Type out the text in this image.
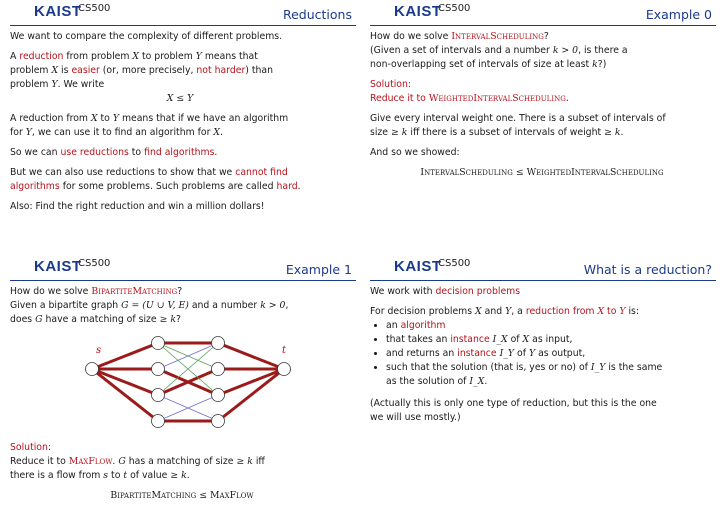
KAIST
CS500	Reductions

We want to compare the complexity of different problems.

A reduction from problem X to problem Y means that
problem X is easier (or, more precisely, not harder) than
problem Y. We write

X ≤ Y

A reduction from X to Y means that if we have an algorithm
for Y, we can use it to find an algorithm for X.

So we can use reductions to find algorithms.

But we can also use reductions to show that we cannot find
algorithms for some problems. Such problems are called hard.

Also: Find the right reduction and win a million dollars!

KAIST
CS500	Example 0

How do we solve IntervalScheduling?
(Given a set of intervals and a number k > 0, is there a
non-overlapping set of intervals of size at least k?)

Solution:
Reduce it to WeightedIntervalScheduling.

Give every interval weight one. There is a subset of intervals of
size ≥ k iff there is a subset of intervals of weight ≥ k.

And so we showed:

IntervalScheduling ≤ WeightedIntervalScheduling

KAIST
CS500	Example 1

How do we solve BipartiteMatching?
Given a bipartite graph G = (U ∪ V, E) and a number k > 0,
does G have a matching of size ≥ k?

s	t

Solution:
Reduce it to MaxFlow. G has a matching of size ≥ k iff
there is a flow from s to t of value ≥ k.

BipartiteMatching ≤ MaxFlow

KAIST
CS500	What is a reduction?

We work with decision problems

For decision problems X and Y, a reduction from X to Y is:

• an algorithm
• that takes an instance I_X of X as input,
• and returns an instance I_Y of Y as output,
• such that the solution (that is, yes or no) of I_Y is the same
as the solution of I_X.

(Actually this is only one type of reduction, but this is the one
we will use mostly.)
